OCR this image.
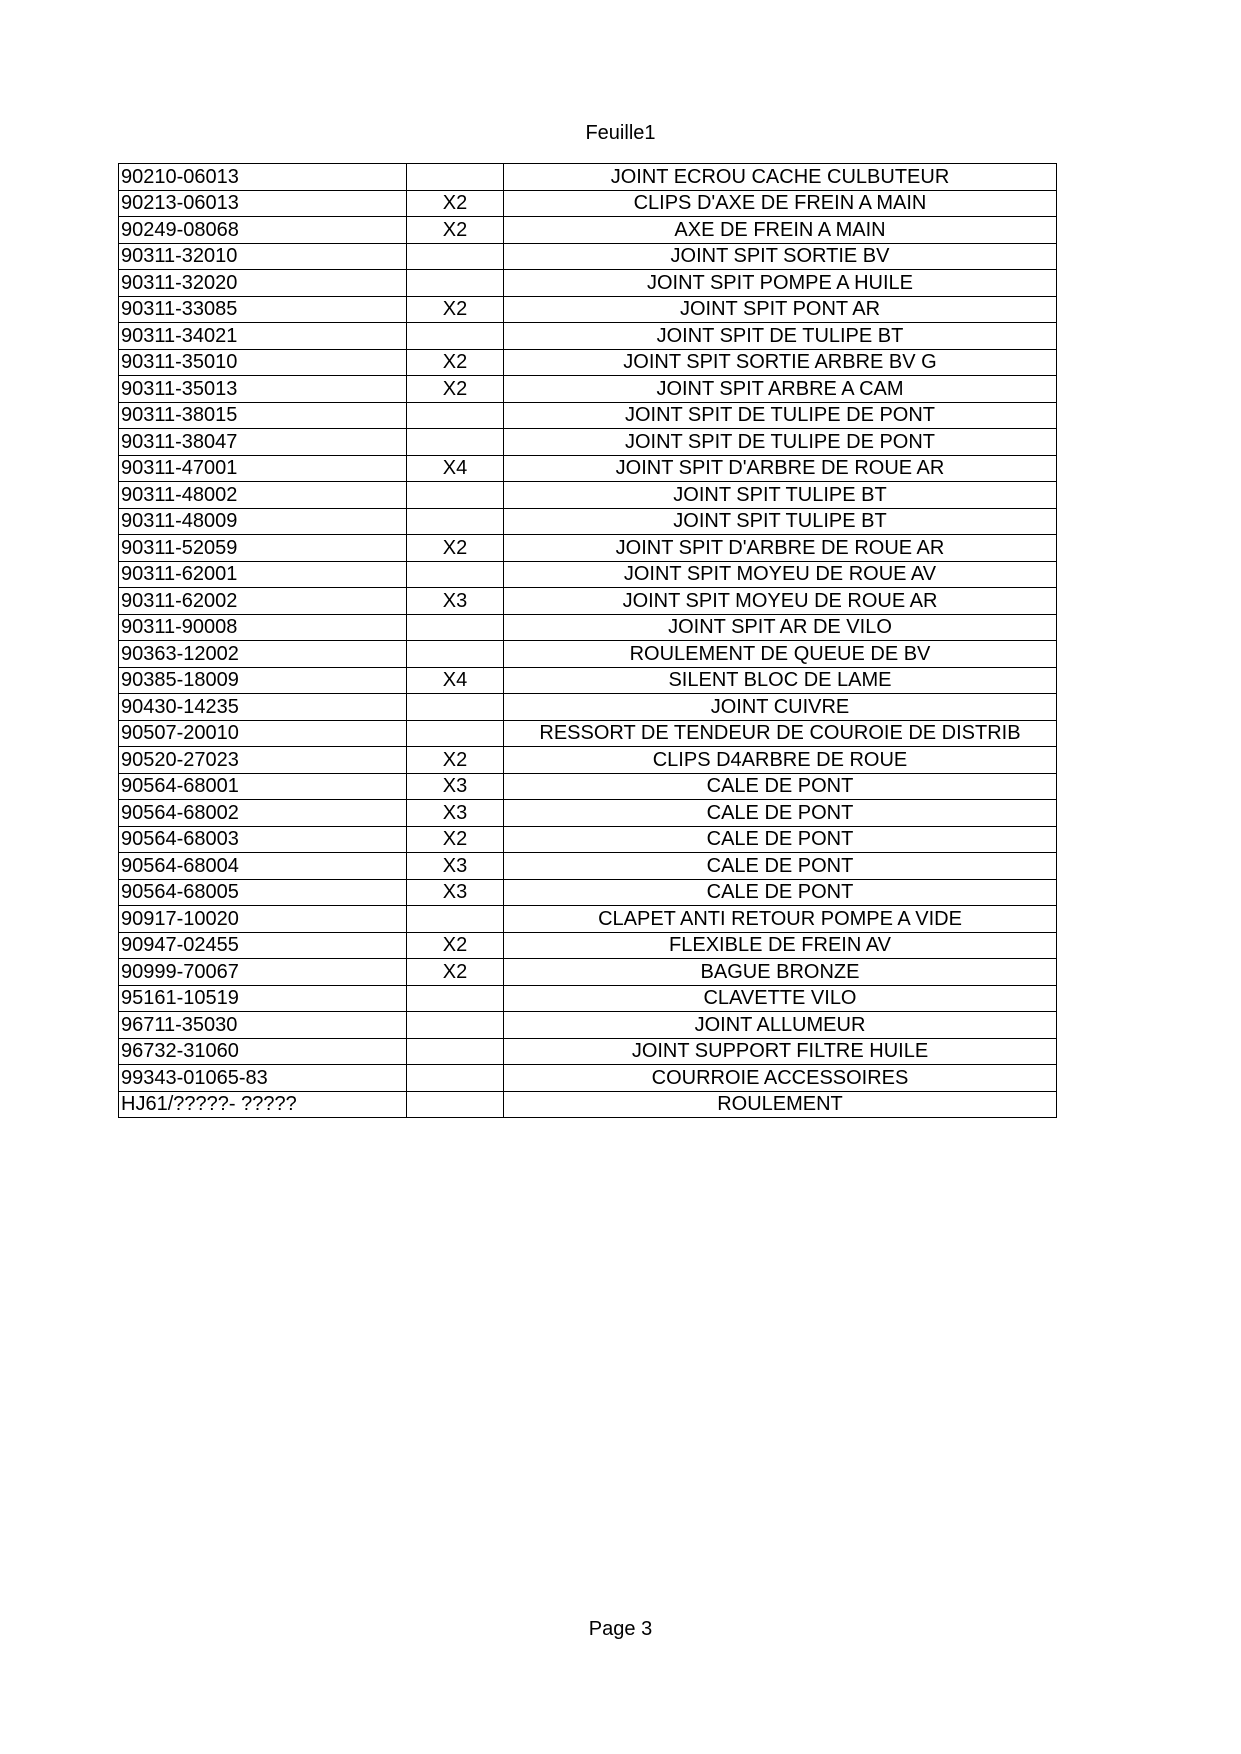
Feuille1
90210-06013		JOINT ECROU CACHE CULBUTEUR
90213-06013	X2	CLIPS D'AXE DE FREIN A MAIN
90249-08068	X2	AXE DE FREIN A MAIN
90311-32010		JOINT SPIT SORTIE BV
90311-32020		JOINT SPIT POMPE A HUILE
90311-33085	X2	JOINT SPIT PONT AR
90311-34021		JOINT SPIT DE TULIPE BT
90311-35010	X2	JOINT SPIT SORTIE ARBRE BV G
90311-35013	X2	JOINT SPIT ARBRE A CAM
90311-38015		JOINT SPIT DE TULIPE DE PONT
90311-38047		JOINT SPIT DE TULIPE DE PONT
90311-47001	X4	JOINT SPIT D'ARBRE DE ROUE AR
90311-48002		JOINT SPIT TULIPE BT
90311-48009		JOINT SPIT TULIPE BT
90311-52059	X2	JOINT SPIT D'ARBRE DE ROUE AR
90311-62001		JOINT SPIT MOYEU DE ROUE AV
90311-62002	X3	JOINT SPIT MOYEU DE ROUE AR
90311-90008		JOINT SPIT AR DE VILO
90363-12002		ROULEMENT DE QUEUE DE BV
90385-18009	X4	SILENT BLOC DE LAME
90430-14235		JOINT CUIVRE
90507-20010		RESSORT DE TENDEUR DE COUROIE DE DISTRIB
90520-27023	X2	CLIPS D4ARBRE DE ROUE
90564-68001	X3	CALE DE PONT
90564-68002	X3	CALE DE PONT
90564-68003	X2	CALE DE PONT
90564-68004	X3	CALE DE PONT
90564-68005	X3	CALE DE PONT
90917-10020		CLAPET ANTI RETOUR POMPE A VIDE
90947-02455	X2	FLEXIBLE DE FREIN AV
90999-70067	X2	BAGUE BRONZE
95161-10519		CLAVETTE VILO
96711-35030		JOINT ALLUMEUR
96732-31060		JOINT SUPPORT FILTRE HUILE
99343-01065-83		COURROIE ACCESSOIRES
HJ61/?????- ?????		ROULEMENT
Page 3
